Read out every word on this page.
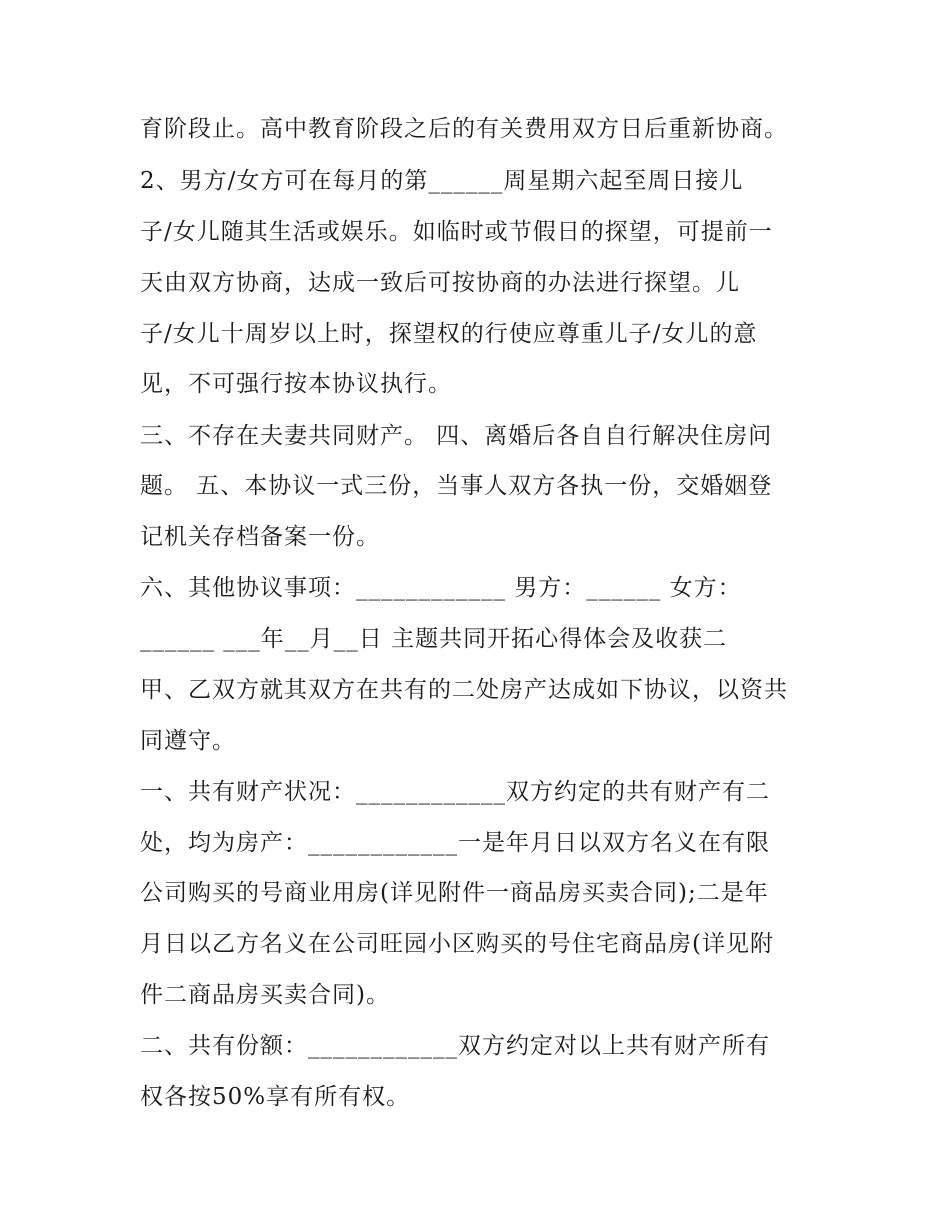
育阶段止。高中教育阶段之后的有关费用双方日后重新协商。

2、男方/女方可在每月的第______周星期六起至周日接儿

子/女儿随其生活或娱乐。如临时或节假日的探望，可提前一

天由双方协商，达成一致后可按协商的办法进行探望。儿

子/女儿十周岁以上时，探望权的行使应尊重儿子/女儿的意

见，不可强行按本协议执行。

三、不存在夫妻共同财产。 四、离婚后各自自行解决住房问

题。 五、本协议一式三份，当事人双方各执一份，交婚姻登

记机关存档备案一份。

六、其他协议事项：____________ 男方：______ 女方：

______ ___年__月__日 主题共同开拓心得体会及收获二

甲、乙双方就其双方在共有的二处房产达成如下协议，以资共

同遵守。

一、共有财产状况：____________双方约定的共有财产有二

处，均为房产：____________一是年月日以双方名义在有限

公司购买的号商业用房(详见附件一商品房买卖合同);二是年

月日以乙方名义在公司旺园小区购买的号住宅商品房(详见附

件二商品房买卖合同)。

二、共有份额：____________双方约定对以上共有财产所有

权各按50%享有所有权。
